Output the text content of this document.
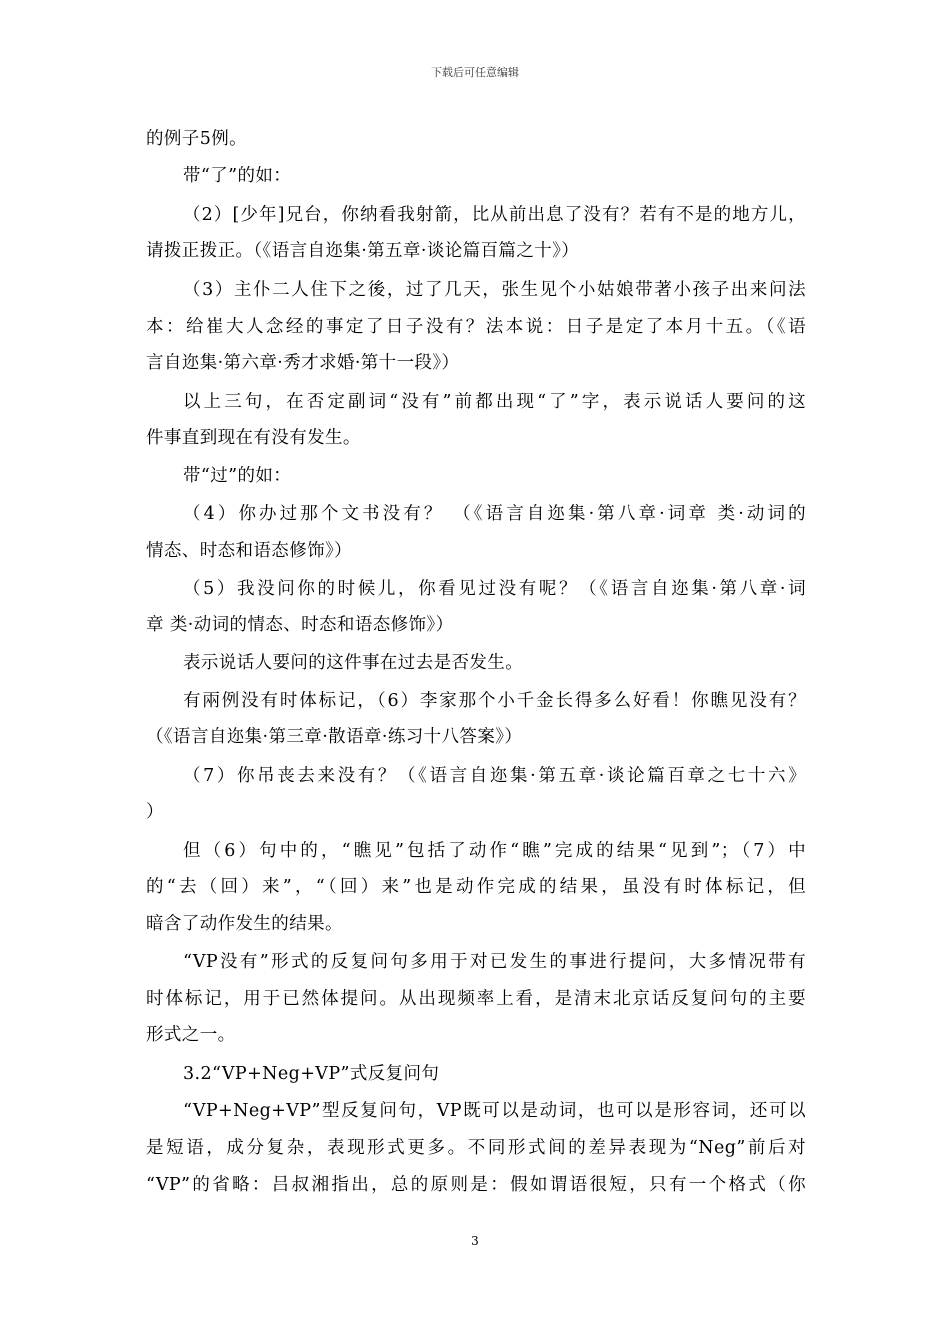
下载后可任意编辑
的例子5例。
带“了”的如：
（2）[少年]兄台，你纳看我射箭，比从前出息了没有？若有不是的地方儿，
请拨正拨正。（《语言自迩集·第五章·谈论篇百篇之十》）
（3）主仆二人住下之後，过了几天，张生见个小姑娘带著小孩子出来问法
本：给崔大人念经的事定了日子没有？法本说：日子是定了本月十五。（《语
言自迩集·第六章·秀才求婚·第十一段》）
以上三句，在否定副词“没有”前都出现“了”字，表示说话人要问的这
件事直到现在有没有发生。
带“过”的如：
（4）你办过那个文书没有？ （《语言自迩集·第八章·词章 类·动词的
情态、时态和语态修饰》）
（5）我没问你的时候儿，你看见过没有呢？（《语言自迩集·第八章·词
章 类·动词的情态、时态和语态修饰》）
表示说话人要问的这件事在过去是否发生。
有兩例没有时体标记，（6）李家那个小千金长得多么好看！你瞧见没有？
（《语言自迩集·第三章·散语章·练习十八答案》）
（7）你吊丧去来没有？（《语言自迩集·第五章·谈论篇百章之七十六》
）
但（6）句中的，“瞧见”包括了动作“瞧”完成的结果“见到”；（7）中
的“去（回）来”，“（回）来”也是动作完成的结果，虽没有时体标记，但
暗含了动作发生的结果。
“VP没有”形式的反复问句多用于对已发生的事进行提问，大多情况带有
时体标记，用于已然体提问。从出现频率上看，是清末北京话反复问句的主要
形式之一。
3.2“VP+Neg+VP”式反复问句
“VP+Neg+VP”型反复问句，VP既可以是动词，也可以是形容词，还可以
是短语，成分复杂，表现形式更多。不同形式间的差异表现为“Neg”前后对
“VP”的省略：吕叔湘指出，总的原则是：假如谓语很短，只有一个格式（你
3
